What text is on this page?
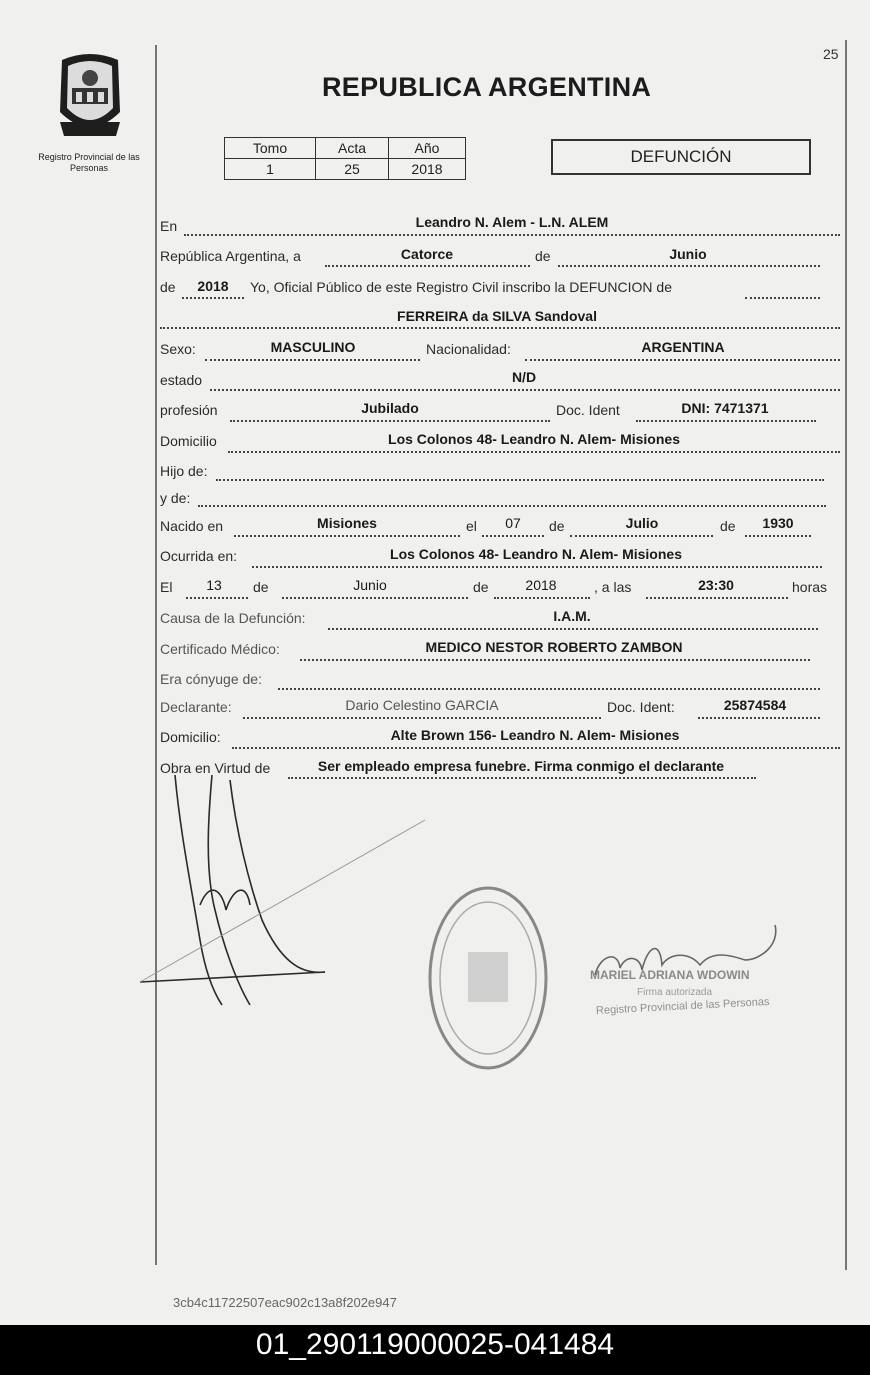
Registro Provincial de las Personas
REPUBLICA ARGENTINA
25
Tomo	Acta	Año
1	25	2018
DEFUNCIÓN
En	Leandro N. Alem - L.N. ALEM
República Argentina, a	Catorce	de	Junio
de 2018 Yo, Oficial Público de este Registro Civil inscribo la DEFUNCION de
FERREIRA da SILVA Sandoval
Sexo:	MASCULINO	Nacionalidad:	ARGENTINA
estado	N/D
profesión	Jubilado	Doc. Ident	DNI: 7471371
Domicilio	Los Colonos 48- Leandro N. Alem- Misiones
Hijo de:
y de:
Nacido en	Misiones	el 07 de	Julio	de 1930
Ocurrida en:	Los Colonos 48- Leandro N. Alem- Misiones
El 13 de	Junio	de	2018	, a las	23:30	horas
Causa de la Defunción:	I.A.M.
Certificado Médico:	MEDICO NESTOR ROBERTO ZAMBON
Era cónyuge de:
Declarante:	Dario Celestino GARCIA	Doc. Ident:	25874584
Domicilio:	Alte Brown 156- Leandro N. Alem- Misiones
Obra en Virtud de	Ser empleado empresa funebre. Firma conmigo el declarante
MARIEL ADRIANA WDOWIN
Firma autorizada
Registro Provincial de las Personas
3cb4c11722507eac902c13a8f202e947
01_290119000025-041484
